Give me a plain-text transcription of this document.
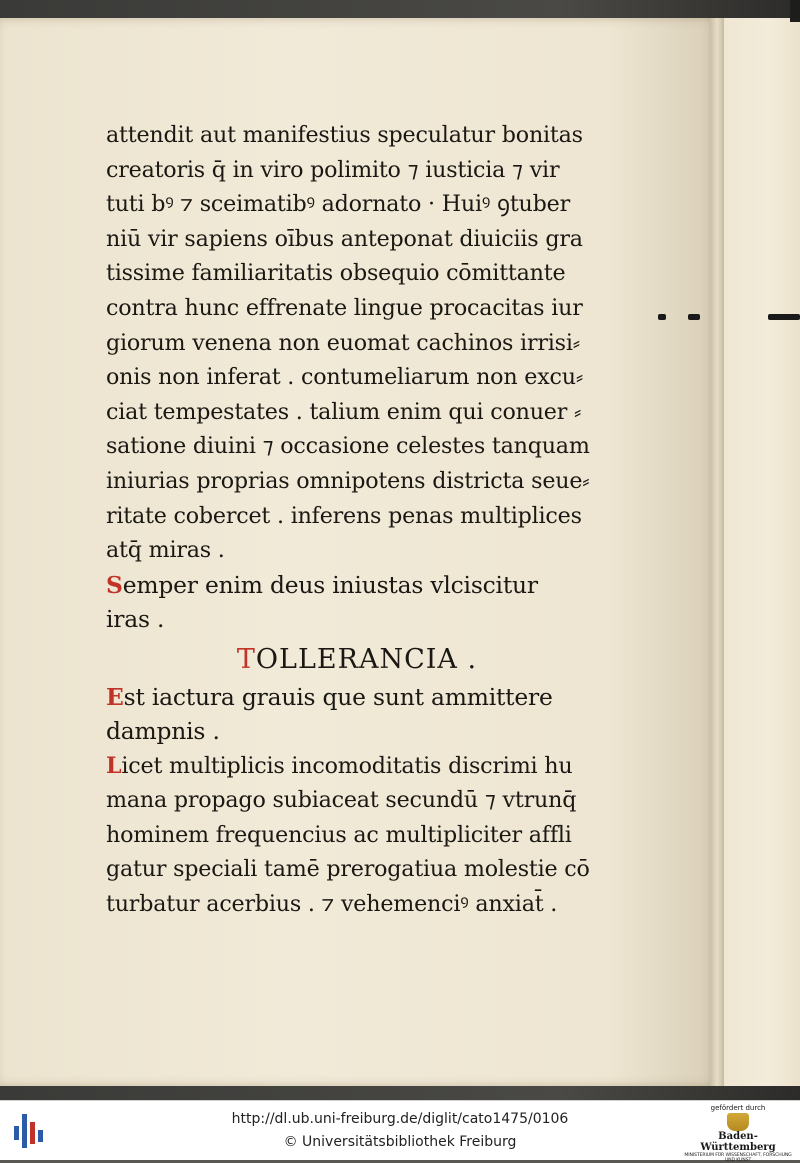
attendit aut manifestius speculatur bonitas
creatoris q̄ in viro polimito ⁊ iusticia ⁊ vir
tuti bꝰ ⁊ sceimatibꝰ adornato · Huiꝰ ꝯtuber
niū vir sapiens oībus anteponat diuiciis gra
tissime familiaritatis obsequio cōmittante
contra hunc effrenate lingue procacitas iur
giorum venena non euomat cachinos irrisi⸗
onis non inferat . contumeliarum non excu⸗
ciat tempestates . talium enim qui conuer ⸗
satione diuini ⁊ occasione celestes tanquam
iniurias proprias omnipotens districta seue⸗
ritate cobercet . inferens penas multiplices
atq̄ miras .
Semper enim deus iniustas vlciscitur
iras .
TOLLERANCIA .
Est iactura grauis que sunt ammittere
dampnis .
Licet multiplicis incomoditatis discrimi hu
mana propago subiaceat secundū ⁊ vtrunq̄
hominem frequencius ac multipliciter affli
gatur speciali tamē prerogatiua molestie cō
turbatur acerbius . ⁊ vehemenciꝰ anxiat̄ .
http://dl.ub.uni-freiburg.de/diglit/cato1475/0106
© Universitätsbibliothek Freiburg
gefördert durch
Baden-Württemberg
MINISTERIUM FÜR WISSENSCHAFT, FORSCHUNG UND KUNST
